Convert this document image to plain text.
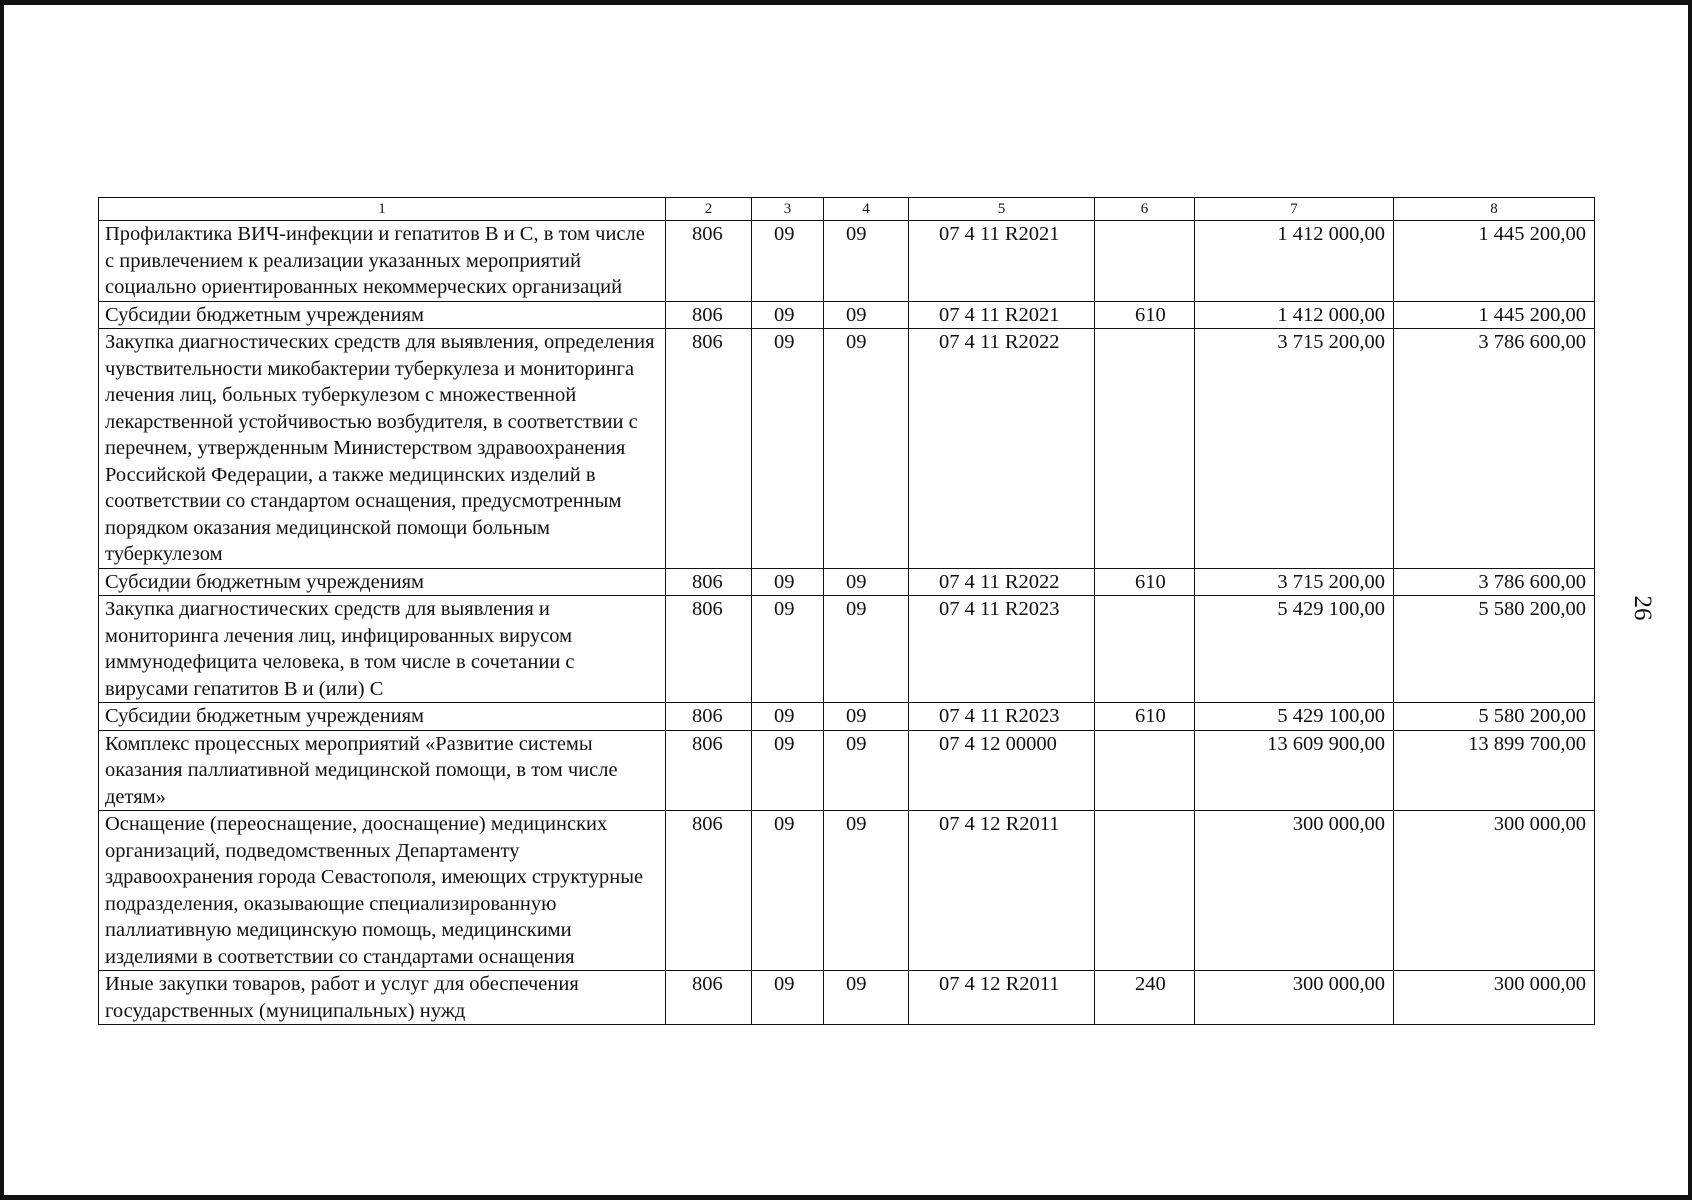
26
1	2	3	4	5	6	7	8
Профилактика ВИЧ-инфекции и гепатитов B и C, в том числе с привлечением к реализации указанных мероприятий социально ориентированных некоммерческих организаций	806	09	09	07 4 11 R2021		1 412 000,00	1 445 200,00
Субсидии бюджетным учреждениям	806	09	09	07 4 11 R2021	610	1 412 000,00	1 445 200,00
Закупка диагностических средств для выявления, определения чувствительности микобактерии туберкулеза и мониторинга лечения лиц, больных туберкулезом с множественной лекарственной устойчивостью возбудителя, в соответствии с перечнем, утвержденным Министерством здравоохранения Российской Федерации, а также медицинских изделий в соответствии со стандартом оснащения, предусмотренным порядком оказания медицинской помощи больным туберкулезом	806	09	09	07 4 11 R2022		3 715 200,00	3 786 600,00
Субсидии бюджетным учреждениям	806	09	09	07 4 11 R2022	610	3 715 200,00	3 786 600,00
Закупка диагностических средств для выявления и мониторинга лечения лиц, инфицированных вирусом иммунодефицита человека, в том числе в сочетании с вирусами гепатитов B и (или) C	806	09	09	07 4 11 R2023		5 429 100,00	5 580 200,00
Субсидии бюджетным учреждениям	806	09	09	07 4 11 R2023	610	5 429 100,00	5 580 200,00
Комплекс процессных мероприятий «Развитие системы оказания паллиативной медицинской помощи, в том числе детям»	806	09	09	07 4 12 00000		13 609 900,00	13 899 700,00
Оснащение (переоснащение, дооснащение) медицинских организаций, подведомственных Департаменту здравоохранения города Севастополя, имеющих структурные подразделения, оказывающие специализированную паллиативную медицинскую помощь, медицинскими изделиями в соответствии со стандартами оснащения	806	09	09	07 4 12 R2011		300 000,00	300 000,00
Иные закупки товаров, работ и услуг для обеспечения государственных (муниципальных) нужд	806	09	09	07 4 12 R2011	240	300 000,00	300 000,00
